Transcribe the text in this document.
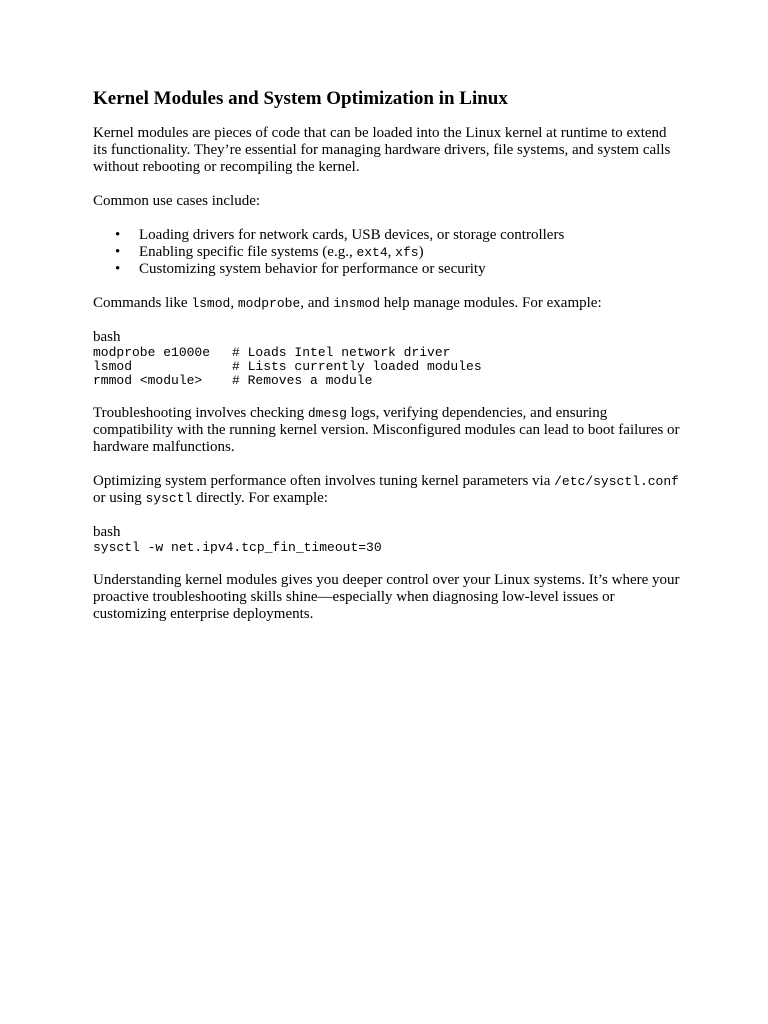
Kernel Modules and System Optimization in Linux

Kernel modules are pieces of code that can be loaded into the Linux kernel at runtime to extend its functionality. They’re essential for managing hardware drivers, file systems, and system calls without rebooting or recompiling the kernel.

Common use cases include:

• Loading drivers for network cards, USB devices, or storage controllers
• Enabling specific file systems (e.g., ext4, xfs)
• Customizing system behavior for performance or security

Commands like lsmod, modprobe, and insmod help manage modules. For example:

bash
modprobe e1000e # Loads Intel network driver
lsmod	# Lists currently loaded modules
rmmod <module> # Removes a module

Troubleshooting involves checking dmesg logs, verifying dependencies, and ensuring compatibility with the running kernel version. Misconfigured modules can lead to boot failures or hardware malfunctions.

Optimizing system performance often involves tuning kernel parameters via /etc/sysctl.conf or using sysctl directly. For example:

bash
sysctl -w net.ipv4.tcp_fin_timeout=30

Understanding kernel modules gives you deeper control over your Linux systems. It’s where your proactive troubleshooting skills shine—especially when diagnosing low-level issues or customizing enterprise deployments.
